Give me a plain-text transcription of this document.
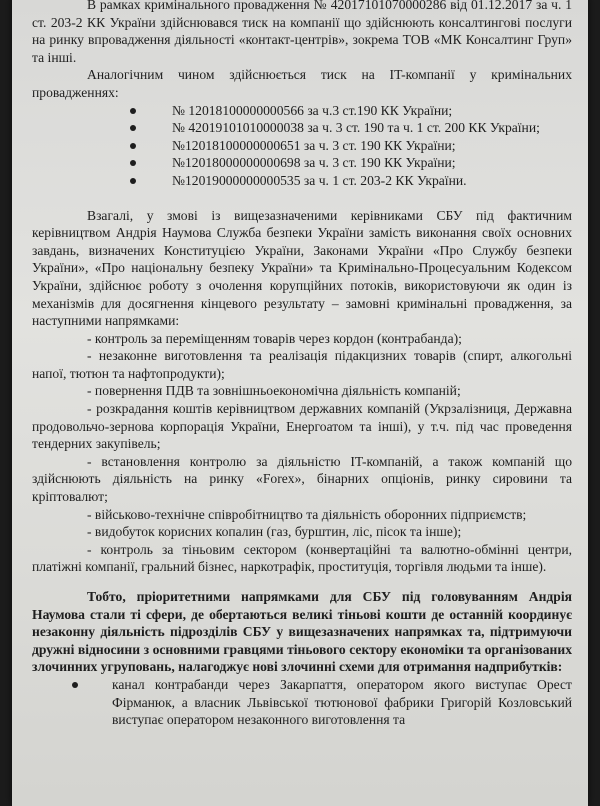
В рамках кримінального провадження № 42017101070000286 від 01.12.2017 за ч. 1 ст. 203-2 КК України здійснювався тиск на компанії що здійснюють консалтингові послуги на ринку впровадження діяльності «контакт-центрів», зокрема ТОВ «МК Консалтинг Груп» та інші.

Аналогічним чином здійснюється тиск на IT-компанії у кримінальних провадженнях:

№ 12018100000000566 за ч.3 ст.190 КК України;
№ 42019101010000038 за ч. 3 ст. 190 та ч. 1 ст. 200 КК України;
№12018100000000651 за ч. 3 ст. 190 КК України;
№12018000000000698 за ч. 3 ст. 190 КК України;
№12019000000000535 за ч. 1 ст. 203-2 КК України.

Взагалі, у змові із вищезазначеними керівниками СБУ під фактичним керівництвом Андрія Наумова Служба безпеки України замість виконання своїх основних завдань, визначених Конституцією України, Законами України «Про Службу безпеки України», «Про національну безпеку України» та Кримінально-Процесуальним Кодексом України, здійснює роботу з очолення корупційних потоків, використовуючи як один із механізмів для досягнення кінцевого результату – замовні кримінальні провадження, за наступними напрямками:

- контроль за переміщенням товарів через кордон (контрабанда);
- незаконне виготовлення та реалізація підакцизних товарів (спирт, алкогольні напої, тютюн та нафтопродукти);
- повернення ПДВ та зовнішньоекономічна діяльність компаній;
- розкрадання коштів керівництвом державних компаній (Укрзалізниця, Державна продовольчо-зернова корпорація України, Енергоатом та інші), у т.ч. під час проведення тендерних закупівель;
- встановлення контролю за діяльністю IT-компаній, а також компаній що здійснюють діяльність на ринку «Forex», бінарних опціонів, ринку сировини та кріптовалют;
- військово-технічне співробітництво та діяльність оборонних підприємств;
- видобуток корисних копалин (газ, бурштин, ліс, пісок та інше);
- контроль за тіньовим сектором (конвертаційні та валютно-обмінні центри, платіжні компанії, гральний бізнес, наркотрафік, проституція, торгівля людьми та інше).

Тобто, пріоритетними напрямками для СБУ під головуванням Андрія Наумова стали ті сфери, де обертаються великі тіньові кошти де останній координує незаконну діяльність підрозділів СБУ у вищезазначених напрямках та, підтримуючи дружні відносини з основними гравцями тіньового сектору економіки та організованих злочинних угруповань, налагоджує нові злочинні схеми для отримання надприбутків:

канал контрабанди через Закарпаття, оператором якого виступає Орест Фірманюк, а власник Львівської тютюнової фабрики Григорій Козловський виступає оператором незаконного виготовлення та
